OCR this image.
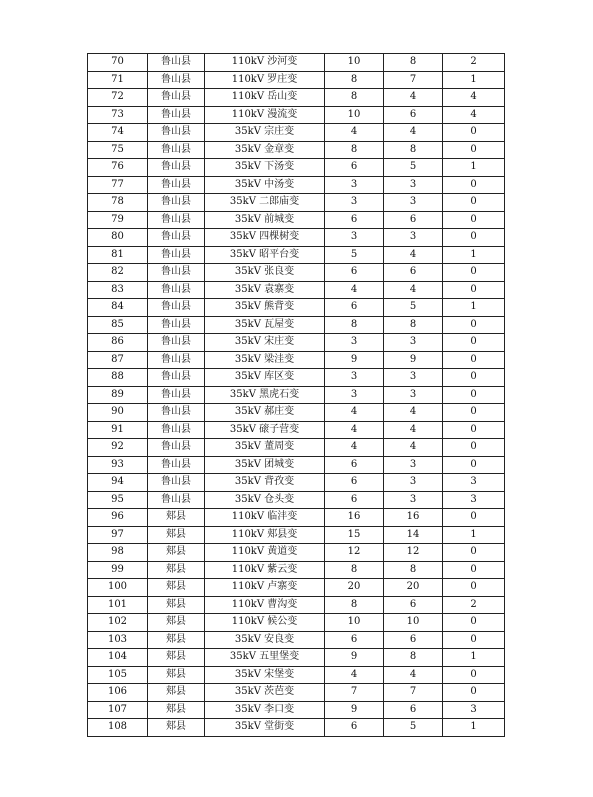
70	鲁山县	110kV 沙河变	10	8	2
71	鲁山县	110kV 罗庄变	8	7	1
72	鲁山县	110kV 岳山变	8	4	4
73	鲁山县	110kV 漫流变	10	6	4
74	鲁山县	35kV 宗庄变	4	4	0
75	鲁山县	35kV 金章变	8	8	0
76	鲁山县	35kV 下汤变	6	5	1
77	鲁山县	35kV 中汤变	3	3	0
78	鲁山县	35kV 二郎庙变	3	3	0
79	鲁山县	35kV 前城变	6	6	0
80	鲁山县	35kV 四棵树变	3	3	0
81	鲁山县	35kV 昭平台变	5	4	1
82	鲁山县	35kV 张良变	6	6	0
83	鲁山县	35kV 袁寨变	4	4	0
84	鲁山县	35kV 熊背变	6	5	1
85	鲁山县	35kV 瓦屋变	8	8	0
86	鲁山县	35kV 宋庄变	3	3	0
87	鲁山县	35kV 梁洼变	9	9	0
88	鲁山县	35kV 库区变	3	3	0
89	鲁山县	35kV 黑虎石变	3	3	0
90	鲁山县	35kV 郝庄变	4	4	0
91	鲁山县	35kV 磙子营变	4	4	0
92	鲁山县	35kV 董周变	4	4	0
93	鲁山县	35kV 团城变	6	3	0
94	鲁山县	35kV 背孜变	6	3	3
95	鲁山县	35kV 仓头变	6	3	3
96	郏县	110kV 临沣变	16	16	0
97	郏县	110kV 郏县变	15	14	1
98	郏县	110kV 黄道变	12	12	0
99	郏县	110kV 紫云变	8	8	0
100	郏县	110kV 卢寨变	20	20	0
101	郏县	110kV 曹沟变	8	6	2
102	郏县	110kV 候公变	10	10	0
103	郏县	35kV 安良变	6	6	0
104	郏县	35kV 五里堡变	9	8	1
105	郏县	35kV 宋堡变	4	4	0
106	郏县	35kV 茨芭变	7	7	0
107	郏县	35kV 李口变	9	6	3
108	郏县	35kV 堂街变	6	5	1
